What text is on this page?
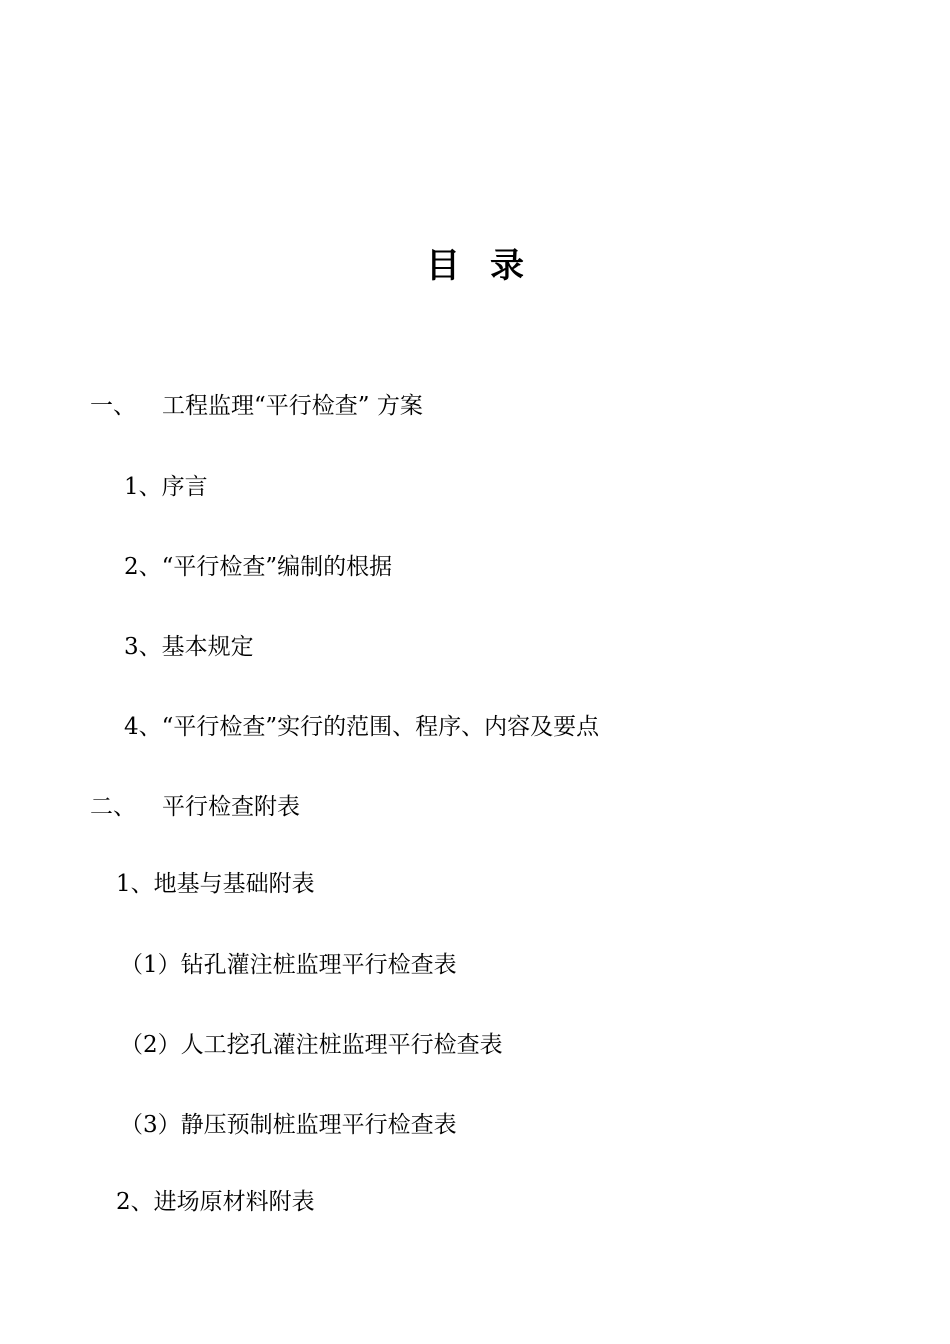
目 录
一、 工程监理“平行检查” 方案
1、序言
2、“平行检查”编制的根据
3、基本规定
4、“平行检查”实行的范围、程序、内容及要点
二、 平行检查附表
1、地基与基础附表
（1）钻孔灌注桩监理平行检查表
（2）人工挖孔灌注桩监理平行检查表
（3）静压预制桩监理平行检查表
2、进场原材料附表
